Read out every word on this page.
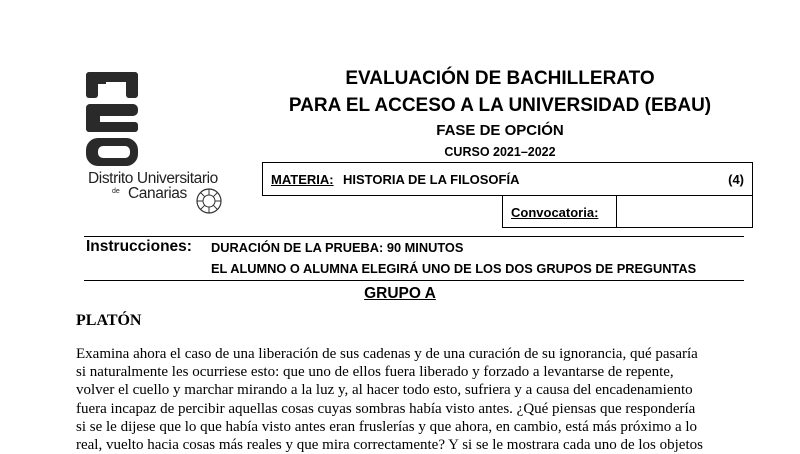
Distrito Universitario
de Canarias
EVALUACIÓN DE BACHILLERATO
PARA EL ACCESO A LA UNIVERSIDAD (EBAU)
FASE DE OPCIÓN
CURSO 2021–2022
MATERIA: HISTORIA DE LA FILOSOFÍA	(4)
Convocatoria:
Instrucciones: DURACIÓN DE LA PRUEBA: 90 MINUTOS
EL ALUMNO O ALUMNA ELEGIRÁ UNO DE LOS DOS GRUPOS DE PREGUNTAS
GRUPO A
PLATÓN
Examina ahora el caso de una liberación de sus cadenas y de una curación de su ignorancia, qué pasaría
si naturalmente les ocurriese esto: que uno de ellos fuera liberado y forzado a levantarse de repente,
volver el cuello y marchar mirando a la luz y, al hacer todo esto, sufriera y a causa del encadenamiento
fuera incapaz de percibir aquellas cosas cuyas sombras había visto antes. ¿Qué piensas que respondería
si se le dijese que lo que había visto antes eran fruslerías y que ahora, en cambio, está más próximo a lo
real, vuelto hacia cosas más reales y que mira correctamente? Y si se le mostrara cada uno de los objetos
